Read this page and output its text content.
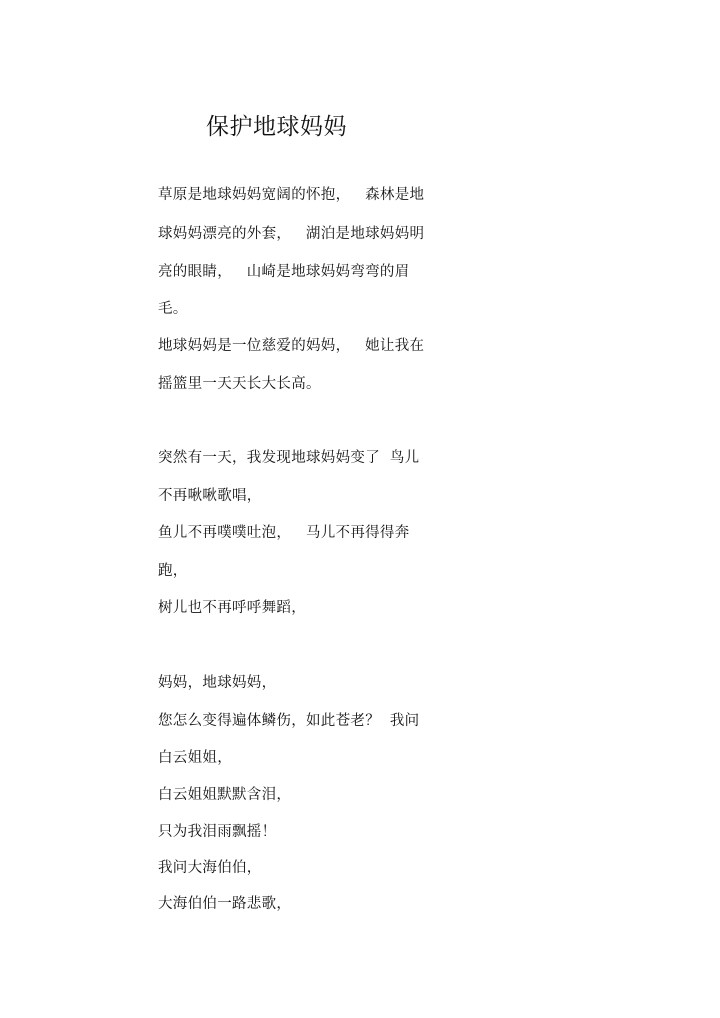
保护地球妈妈

草原是地球妈妈宽阔的怀抱，   森林是地

球妈妈漂亮的外套，   湖泊是地球妈妈明

亮的眼睛，   山崎是地球妈妈弯弯的眉

毛。

地球妈妈是一位慈爱的妈妈，   她让我在

摇篮里一天天长大长高。

突然有一天，我发现地球妈妈变了  鸟儿

不再啾啾歌唱，

鱼儿不再噗噗吐泡，   马儿不再得得奔

跑，

树儿也不再呼呼舞蹈，

妈妈，地球妈妈，

您怎么变得遍体鳞伤，如此苍老？  我问

白云姐姐，

白云姐姐默默含泪，

只为我泪雨飘摇！

我问大海伯伯，

大海伯伯一路悲歌，
